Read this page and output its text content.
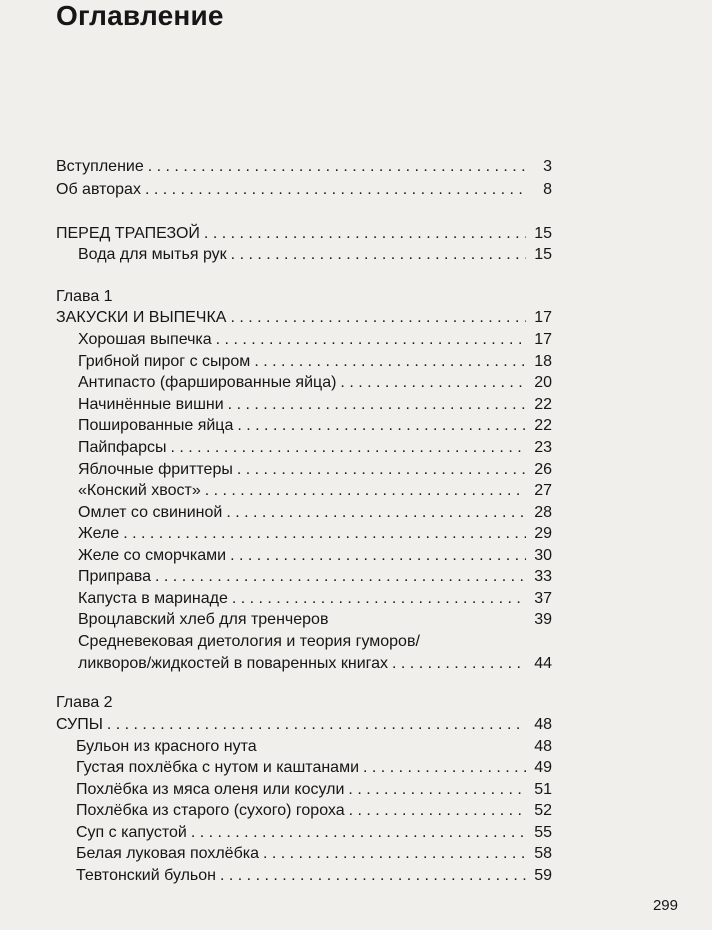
Оглавление
Вступление . . .	3
Об авторах . . .	8
ПЕРЕД ТРАПЕЗОЙ . . .	15
Вода для мытья рук . . .	15
Глава 1
ЗАКУСКИ И ВЫПЕЧКА . . .	17
Хорошая выпечка . . .	17
Грибной пирог с сыром . . .	18
Антипасто (фаршированные яйца) . . .	20
Начинённые вишни . . .	22
Пошированные яйца . . .	22
Пайпфарсы . . .	23
Яблочные фриттеры . . .	26
«Конский хвост» . . .	27
Омлет со свининой . . .	28
Желе . . .	29
Желе со сморчками . . .	30
Приправа . . .	33
Капуста в маринаде . . .	37
Вроцлавский хлеб для тренчеров	39
Средневековая диетология и теория гуморов/
ликворов/жидкостей в поваренных книгах . . .	44
Глава 2
СУПЫ . . .	48
Бульон из красного нута	48
Густая похлёбка с нутом и каштанами . . .	49
Похлёбка из мяса оленя или косули . . .	51
Похлёбка из старого (сухого) гороха . . .	52
Суп с капустой . . .	55
Белая луковая похлёбка . . .	58
Тевтонский бульон . . .	59
299
